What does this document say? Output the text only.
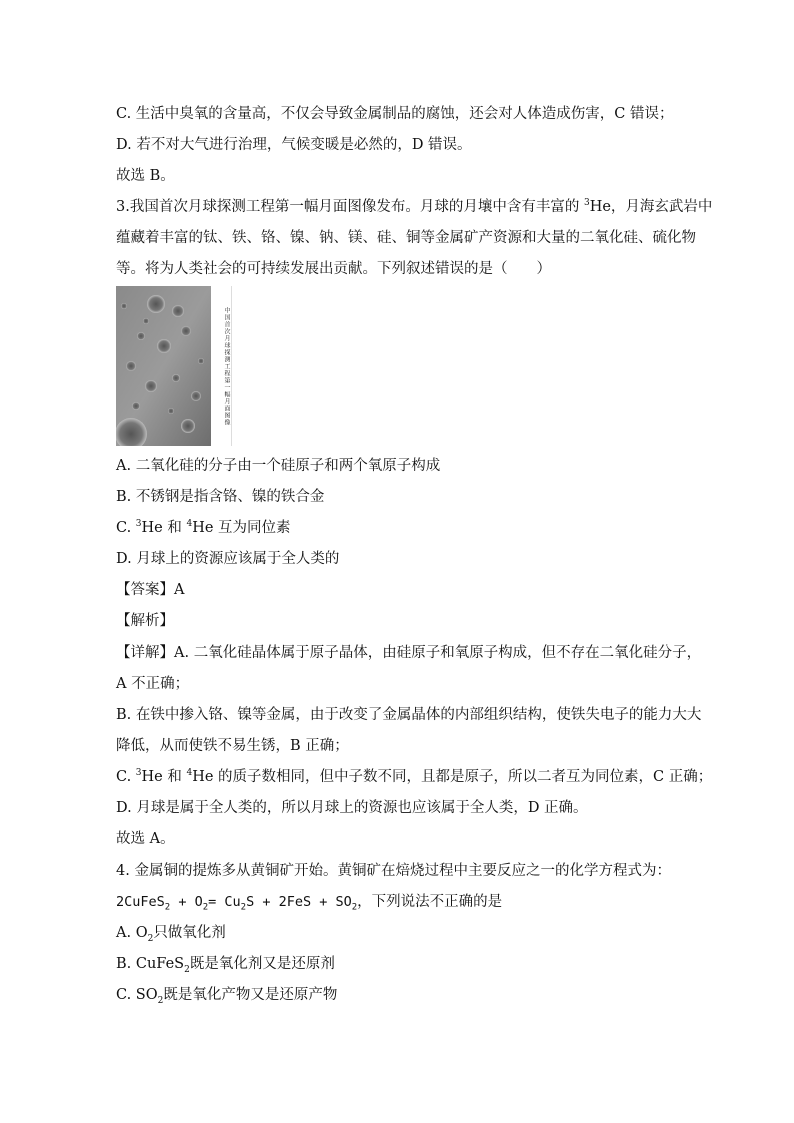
C. 生活中臭氧的含量高，不仅会导致金属制品的腐蚀，还会对人体造成伤害，C 错误；
D. 若不对大气进行治理，气候变暖是必然的，D 错误。
故选 B。
3.我国首次月球探测工程第一幅月面图像发布。月球的月壤中含有丰富的 $^3$He，月海玄武岩中
蕴藏着丰富的钛、铁、铬、镍、钠、镁、硅、铜等金属矿产资源和大量的二氧化硅、硫化物
等。将为人类社会的可持续发展出贡献。下列叙述错误的是（　　）
中国首次月球探测工程第一幅月面图像
A. 二氧化硅的分子由一个硅原子和两个氧原子构成
B. 不锈钢是指含铬、镍的铁合金
C. $^3$He 和 $^4$He 互为同位素
D. 月球上的资源应该属于全人类的
【答案】A
【解析】
【详解】A. 二氧化硅晶体属于原子晶体，由硅原子和氧原子构成，但不存在二氧化硅分子，
A 不正确；
B. 在铁中掺入铬、镍等金属，由于改变了金属晶体的内部组织结构，使铁失电子的能力大大
降低，从而使铁不易生锈，B 正确；
C. $^3$He 和 $^4$He 的质子数相同，但中子数不同，且都是原子，所以二者互为同位素，C 正确；
D. 月球是属于全人类的，所以月球上的资源也应该属于全人类，D 正确。
故选 A。
4. 金属铜的提炼多从黄铜矿开始。黄铜矿在焙烧过程中主要反应之一的化学方程式为：
2CuFeS$_2$ + $O_2= Cu_2S + 2FeS + SO_2$，下列说法不正确的是
A. $O_2$只做氧化剂
B. CuFeS$_2$既是氧化剂又是还原剂
C. $SO_2$既是氧化产物又是还原产物
